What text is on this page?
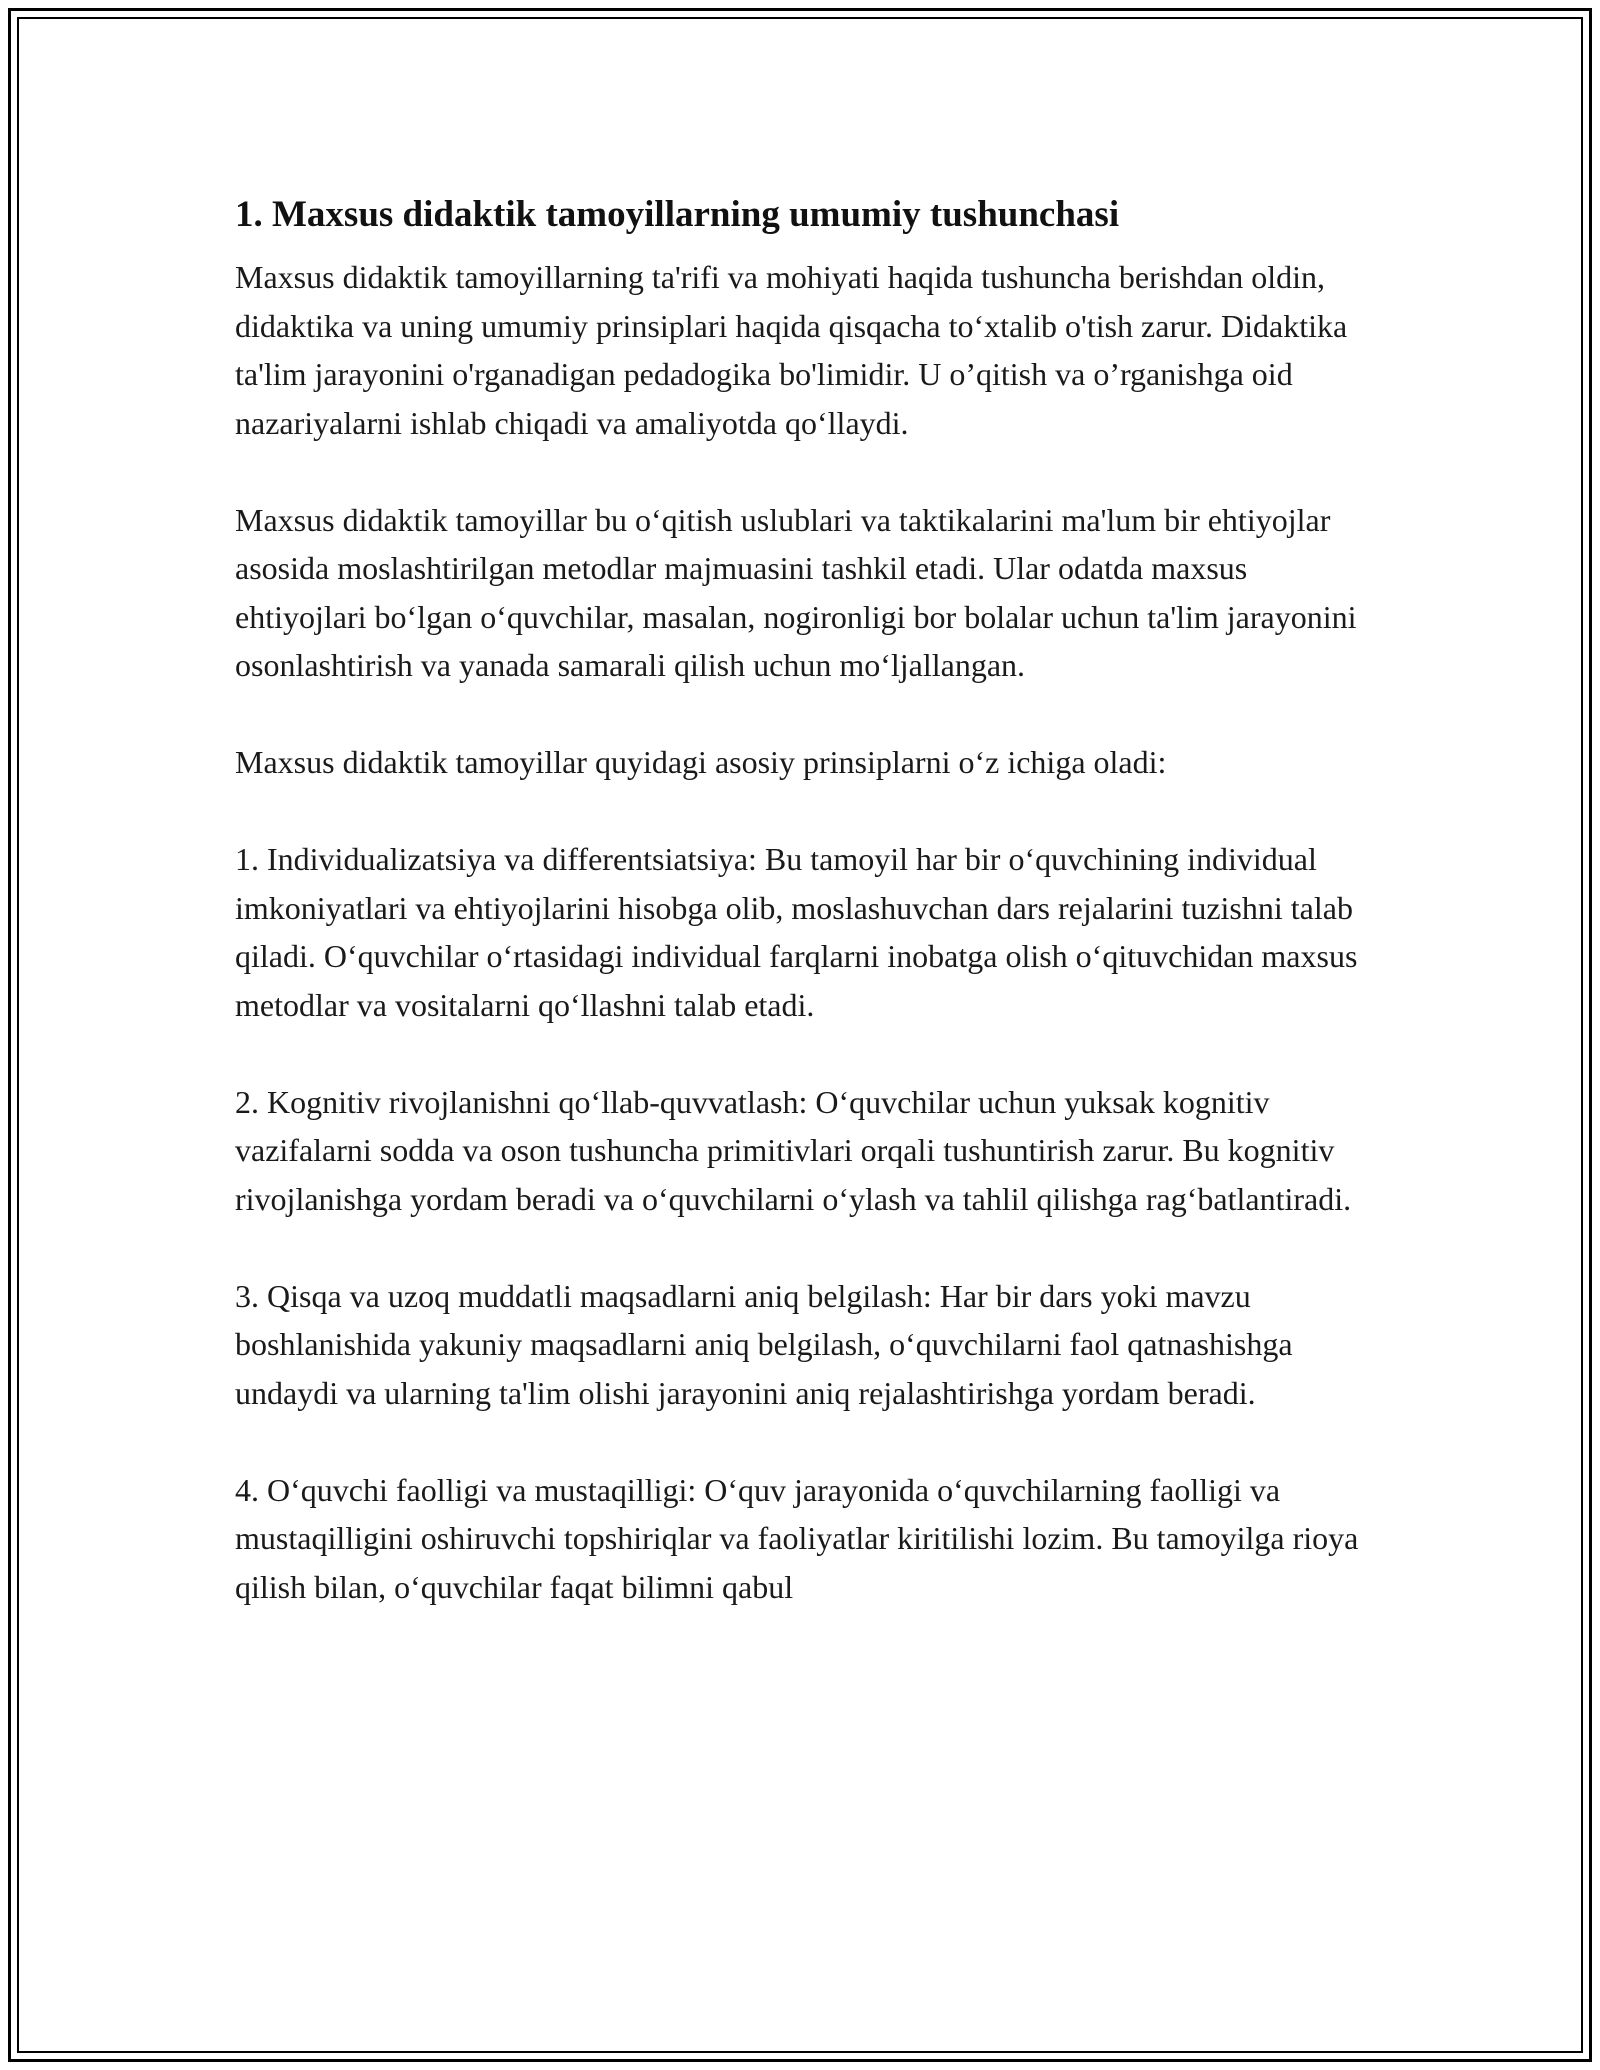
1. Maxsus didaktik tamoyillarning umumiy tushunchasi

Maxsus didaktik tamoyillarning ta'rifi va mohiyati haqida tushuncha berishdan oldin, didaktika va uning umumiy prinsiplari haqida qisqacha to‘xtalib o'tish zarur. Didaktika ta'lim jarayonini o'rganadigan pedadogika bo'limidir. U o’qitish va o’rganishga oid nazariyalarni ishlab chiqadi va amaliyotda qo‘llaydi.

Maxsus didaktik tamoyillar bu o‘qitish uslublari va taktikalarini ma'lum bir ehtiyojlar asosida moslashtirilgan metodlar majmuasini tashkil etadi. Ular odatda maxsus ehtiyojlari bo‘lgan o‘quvchilar, masalan, nogironligi bor bolalar uchun ta'lim jarayonini osonlashtirish va yanada samarali qilish uchun mo‘ljallangan.

Maxsus didaktik tamoyillar quyidagi asosiy prinsiplarni o‘z ichiga oladi:

1. Individualizatsiya va differentsiatsiya: Bu tamoyil har bir o‘quvchining individual imkoniyatlari va ehtiyojlarini hisobga olib, moslashuvchan dars rejalarini tuzishni talab qiladi. O‘quvchilar o‘rtasidagi individual farqlarni inobatga olish o‘qituvchidan maxsus metodlar va vositalarni qo‘llashni talab etadi.

2. Kognitiv rivojlanishni qo‘llab-quvvatlash: O‘quvchilar uchun yuksak kognitiv vazifalarni sodda va oson tushuncha primitivlari orqali tushuntirish zarur. Bu kognitiv rivojlanishga yordam beradi va o‘quvchilarni o‘ylash va tahlil qilishga rag‘batlantiradi.

3. Qisqa va uzoq muddatli maqsadlarni aniq belgilash: Har bir dars yoki mavzu boshlanishida yakuniy maqsadlarni aniq belgilash, o‘quvchilarni faol qatnashishga undaydi va ularning ta'lim olishi jarayonini aniq rejalashtirishga yordam beradi.

4. O‘quvchi faolligi va mustaqilligi: O‘quv jarayonida o‘quvchilarning faolligi va mustaqilligini oshiruvchi topshiriqlar va faoliyatlar kiritilishi lozim. Bu tamoyilga rioya qilish bilan, o‘quvchilar faqat bilimni qabul
